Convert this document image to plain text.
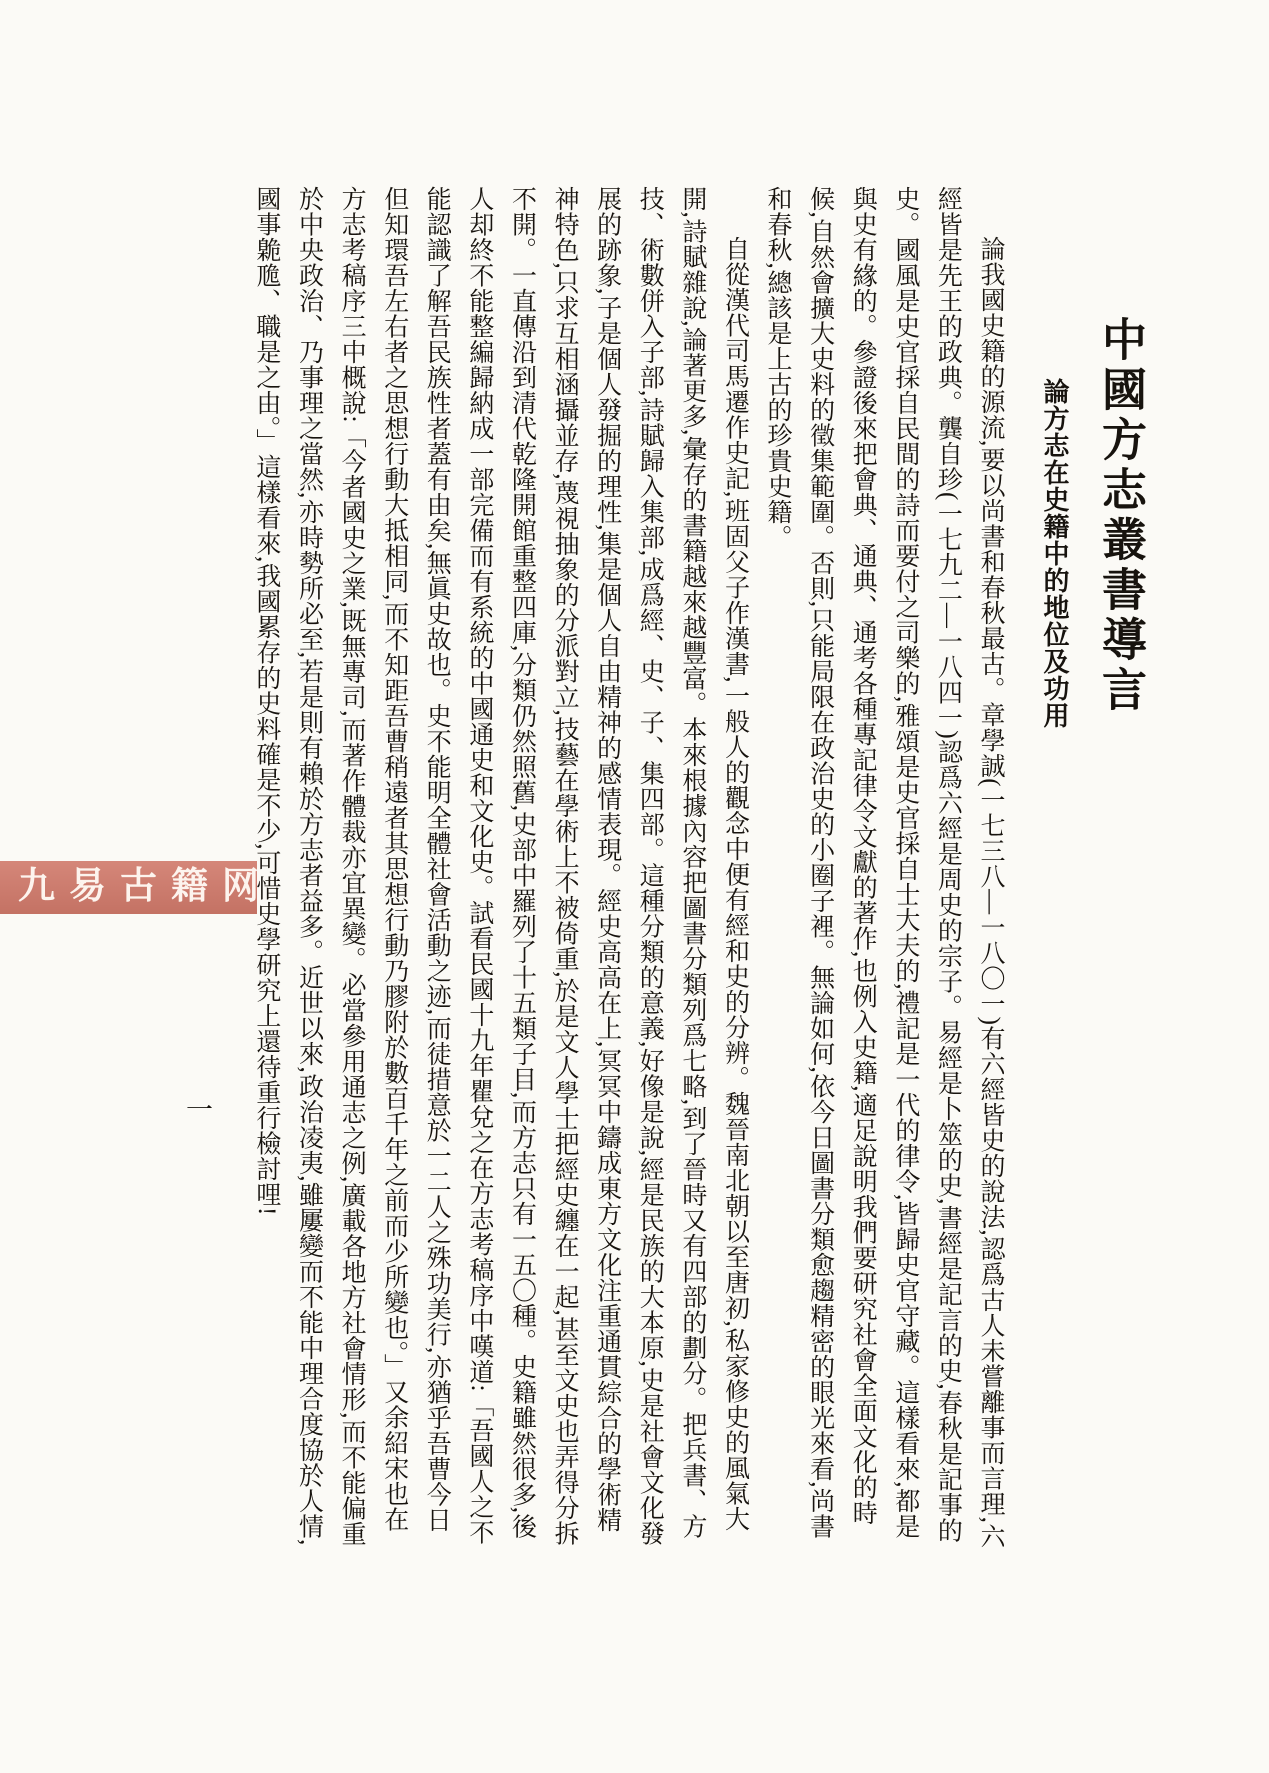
九易古籍网
中國方志叢書導言
論方志在史籍中的地位及功用

論我國史籍的源流,要以尚書和春秋最古。章學誠(一七三八—一八〇一)有六經皆史的說法,認爲古人未嘗離事而言理,六經皆是先王的政典。龔自珍(一七九二—一八四一)認爲六經是周史的宗子。易經是卜筮的史,書經是記言的史,春秋是記事的史。國風是史官採自民間的詩而要付之司樂的,雅頌是史官採自士大夫的,禮記是一代的律令,皆歸史官守藏。這樣看來,都是與史有緣的。參證後來把會典、通典、通考各種專記律令文獻的著作,也例入史籍,適足說明我們要研究社會全面文化的時候,自然會擴大史料的徵集範圍。否則,只能局限在政治史的小圈子裡。無論如何,依今日圖書分類愈趨精密的眼光來看,尚書和春秋,總該是上古的珍貴史籍。

自從漢代司馬遷作史記,班固父子作漢書,一般人的觀念中便有經和史的分辨。魏晉南北朝以至唐初,私家修史的風氣大開,詩賦雜說,論著更多,彙存的書籍越來越豐富。本來根據內容把圖書分類列爲七略,到了晉時又有四部的劃分。把兵書、方技、術數併入子部,詩賦歸入集部,成爲經、史、子、集四部。這種分類的意義,好像是說,經是民族的大本原,史是社會文化發展的跡象,子是個人發掘的理性,集是個人自由精神的感情表現。經史高高在上,冥冥中鑄成東方文化注重通貫綜合的學術精神特色,只求互相涵攝並存,蔑視抽象的分派對立,技藝在學術上不被倚重,於是文人學士把經史纏在一起,甚至文史也弄得分拆不開。一直傳沿到清代乾隆開館重整四庫,分類仍然照舊,史部中羅列了十五類子目,而方志只有一五〇種。史籍雖然很多,後人却終不能整編歸納成一部完備而有系統的中國通史和文化史。試看民國十九年瞿兌之在方志考稿序中嘆道:「吾國人之不能認識了解吾民族性者蓋有由矣,無眞史故也。史不能明全體社會活動之迹,而徒措意於一二人之殊功美行,亦猶乎吾曹今日但知環吾左右者之思想行動大抵相同,而不知距吾曹稍遠者其思想行動乃膠附於數百千年之前而少所變也。」又余紹宋也在方志考稿序三中概說:「今者國史之業,既無專司,而著作體裁亦宜異變。必當參用通志之例,廣載各地方社會情形,而不能偏重於中央政治、乃事理之當然,亦時勢所必至,若是則有賴於方志者益多。近世以來,政治凌夷,雖屢變而不能中理合度協於人情,國事臲卼、職是之由。」這樣看來,我國累存的史料確是不少,可惜史學研究上還待重行檢討哩!

一
